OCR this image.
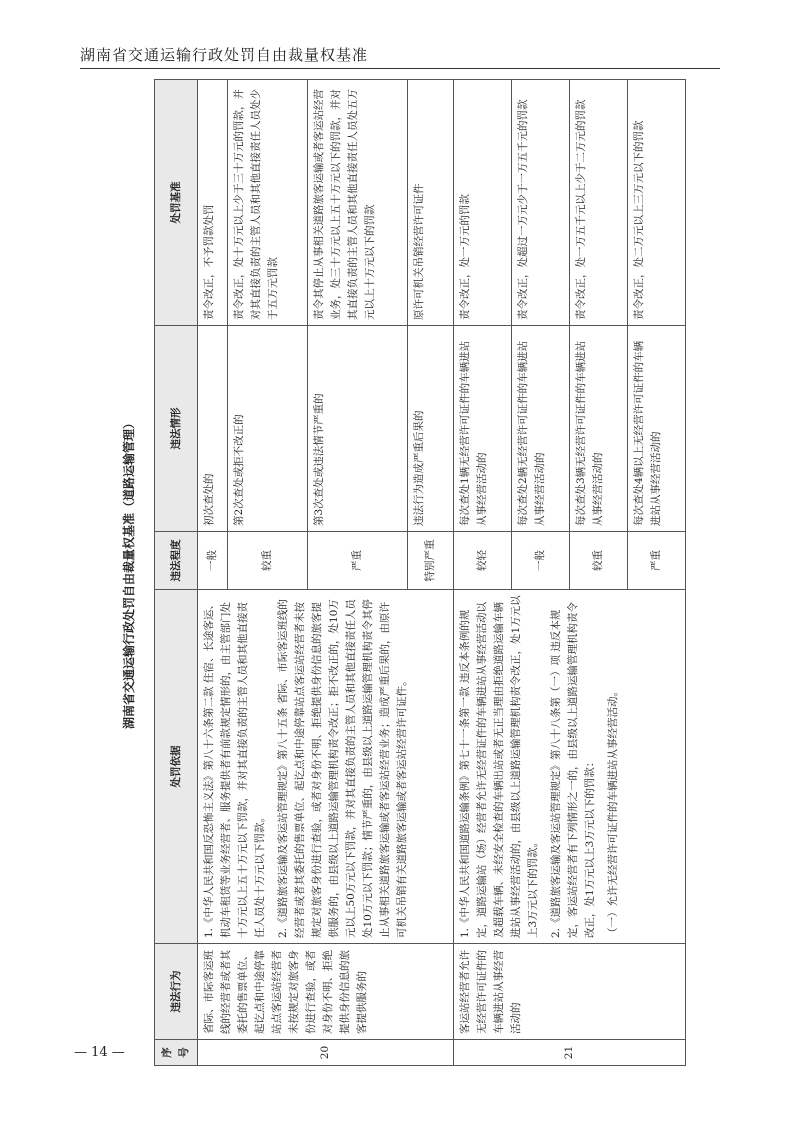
湖南省交通运输行政处罚自由裁量权基准
— 14 —
湖南省交通运输行政处罚自由裁量权基准（道路运输管理）
序号	违法行为	处罚依据	违法程度	违法情形	处罚基准
20	省际、市际客运班线的经营者或者其委托的售票单位、起讫点和中途停靠站点客运站经营者未按规定对旅客身份进行查验，或者对身份不明、拒绝提供身份信息的旅客提供服务的	1.《中华人民共和国反恐怖主义法》第八十六条第二款 住宿、长途客运、机动车租赁等业务经营者、服务提供者有前款规定情形的，由主管部门处十万元以上五十万元以下罚款，并对其直接负责的主管人员和其他直接责任人员处十万元以下罚款。 2.《道路旅客运输及客运站管理规定》第八十五条 省际、市际客运班线的经营者或者其委托的售票单位、起讫点和中途停靠站点客运站经营者未按规定对旅客身份进行查验，或者对身份不明、拒绝提供身份信息的旅客提供服务的，由县级以上道路运输管理机构责令改正；拒不改正的，处10万元以上50万元以下罚款，并对其直接负责的主管人员和其他直接责任人员处10万元以下罚款；情节严重的，由县级以上道路运输管理机构责令其停止从事相关道路旅客运输或者客运站经营业务；造成严重后果的，由原许可机关吊销有关道路旅客运输或者客运站经营许可证件。	一般	初次查处的	责令改正，不予罚款处罚
			较重	第2次查处或拒不改正的	责令改正，处十万元以上少于三十万元的罚款，并对其直接负责的主管人员和其他直接责任人员处少于五万元罚款
			严重	第3次查处或违法情节严重的	责令其停止从事相关道路旅客运输或者客运站经营业务，处三十万元以上五十万元以下的罚款，并对其直接负责的主管人员和其他直接责任人员处五万元以上十万元以下的罚款
			特别严重	违法行为造成严重后果的	原许可机关吊销经营许可证件
21	客运站经营者允许无经营许可证件的车辆进站从事经营活动的	1.《中华人民共和国道路运输条例》第七十一条第一款 违反本条例的规定，道路运输站（场）经营者允许无经营证件的车辆进站从事经营活动以及超载车辆、未经安全检查的车辆出站或者无正当理由拒绝道路运输车辆进站从事经营活动的，由县级以上道路运输管理机构责令改正，处1万元以上3万元以下的罚款。 2.《道路旅客运输及客运站管理规定》第八十八条第（一）项 违反本规定，客运站经营者有下列情形之一的，由县级以上道路运输管理机构责令改正，处1万元以上3万元以下的罚款： （一）允许无经营许可证件的车辆进站从事经营活动。	较轻	每次查处1辆无经营许可证件的车辆进站从事经营活动的	责令改正，处一万元的罚款
			一般	每次查处2辆无经营许可证件的车辆进站从事经营活动的	责令改正，处超过一万元少于一万五千元的罚款
			较重	每次查处3辆无经营许可证件的车辆进站从事经营活动的	责令改正，处一万五千元以上少于二万元的罚款
			严重	每次查处4辆以上无经营许可证件的车辆进站从事经营活动的	责令改正，处二万元以上三万元以下的罚款
